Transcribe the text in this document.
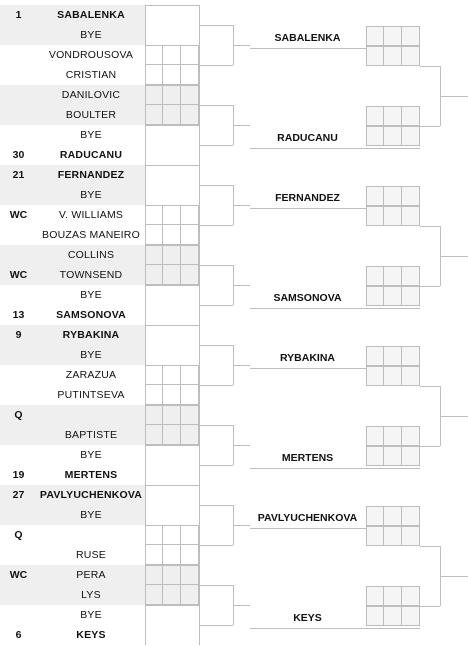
1	SABALENKA
BYE
VONDROUSOVA
CRISTIAN
DANILOVIC
BOULTER
BYE
30	RADUCANU
21	FERNANDEZ
BYE
WC	V. WILLIAMS
BOUZAS MANEIRO
COLLINS
WC	TOWNSEND
BYE
13	SAMSONOVA
9	RYBAKINA
BYE
ZARAZUA
PUTINTSEVA
Q
BAPTISTE
BYE
19	MERTENS
27	PAVLYUCHENKOVA
BYE
Q
RUSE
WC	PERA
LYS
BYE
6	KEYS
SABALENKA
RADUCANU
FERNANDEZ
SAMSONOVA
RYBAKINA
MERTENS
PAVLYUCHENKOVA
KEYS
